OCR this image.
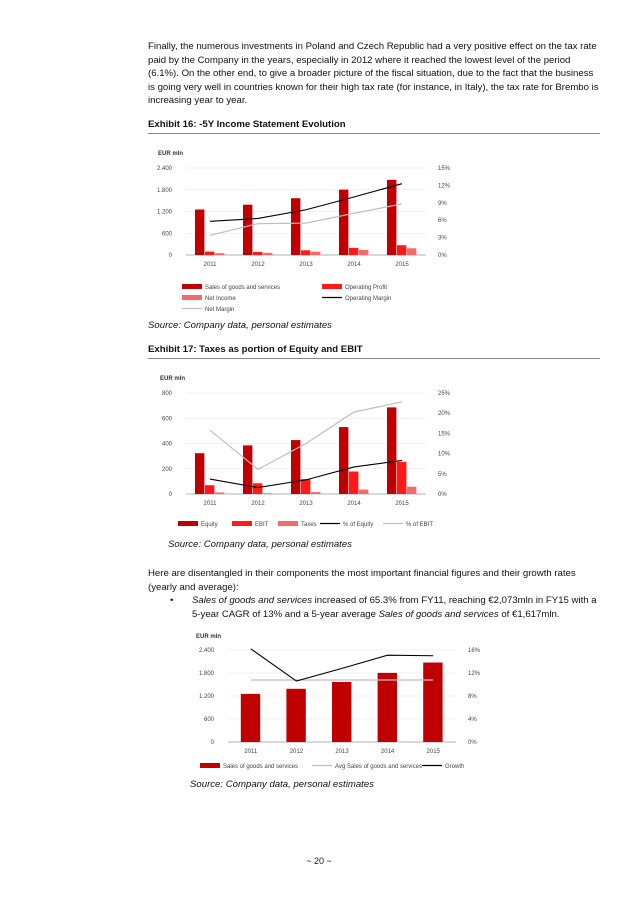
Finally, the numerous investments in Poland and Czech Republic had a very positive effect on the tax rate paid by the Company in the years, especially in 2012 where it reached the lowest level of the period (6.1%). On the other end, to give a broader picture of the fiscal situation, due to the fact that the business is going very well in countries known for their high tax rate (for instance, in Italy), the tax rate for Brembo is increasing year to year.
Exhibit 16: -5Y Income Statement Evolution
EUR mln
0
600
1.200
1.800
2.400
0%
3%
6%
9%
12%
15%
2011	2012	2013	2014	2015
Sales of goods and services	Operating Profit
Net Income	Operating Margin
Net Margin
Source: Company data, personal estimates
Exhibit 17: Taxes as portion of Equity and EBIT
EUR mln
0
200
400
600
800
0%
5%
10%
15%
20%
25%
2011	2012	2013	2014	2015
Equity	EBIT	Taxes	% of Equity	% of EBIT
Source: Company data, personal estimates
Here are disentangled in their components the most important financial figures and their growth rates (yearly and average):
• Sales of goods and services increased of 65.3% from FY11, reaching €2,073mln in FY15 with a 5-year CAGR of 13% and a 5-year average Sales of goods and services of €1,617mln.
EUR mln
0
600
1.200
1.800
2.400
0%
4%
8%
12%
16%
2011	2012	2013	2014	2015
Sales of goods and services	Avg Sales of goods and services	Growth
Source: Company data, personal estimates
~ 20 ~
